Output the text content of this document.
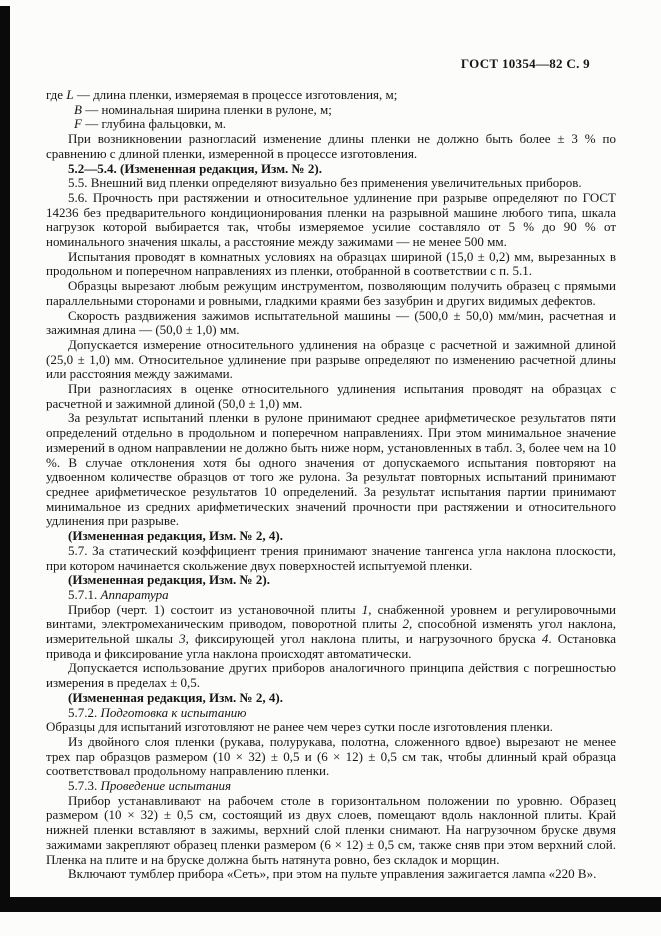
ГОСТ 10354—82 С. 9

где L — длина пленки, измеряемая в процессе изготовления, м;

B — номинальная ширина пленки в рулоне, м;

F — глубина фальцовки, м.

При возникновении разногласий изменение длины пленки не должно быть более ± 3 % по сравнению с длиной пленки, измеренной в процессе изготовления.

5.2—5.4. (Измененная редакция, Изм. № 2).

5.5. Внешний вид пленки определяют визуально без применения увеличительных приборов.

5.6. Прочность при растяжении и относительное удлинение при разрыве определяют по ГОСТ 14236 без предварительного кондиционирования пленки на разрывной машине любого типа, шкала нагрузок которой выбирается так, чтобы измеряемое усилие составляло от 5 % до 90 % от номинального значения шкалы, а расстояние между зажимами — не менее 500 мм.

Испытания проводят в комнатных условиях на образцах шириной (15,0 ± 0,2) мм, вырезанных в продольном и поперечном направлениях из пленки, отобранной в соответствии с п. 5.1.

Образцы вырезают любым режущим инструментом, позволяющим получить образец с прямыми параллельными сторонами и ровными, гладкими краями без зазубрин и других видимых дефектов.

Скорость раздвижения зажимов испытательной машины — (500,0 ± 50,0) мм/мин, расчетная и зажимная длина — (50,0 ± 1,0) мм.

Допускается измерение относительного удлинения на образце с расчетной и зажимной длиной (25,0 ± 1,0) мм. Относительное удлинение при разрыве определяют по изменению расчетной длины или расстояния между зажимами.

При разногласиях в оценке относительного удлинения испытания проводят на образцах с расчетной и зажимной длиной (50,0 ± 1,0) мм.

За результат испытаний пленки в рулоне принимают среднее арифметическое результатов пяти определений отдельно в продольном и поперечном направлениях. При этом минимальное значение измерений в одном направлении не должно быть ниже норм, установленных в табл. 3, более чем на 10 %. В случае отклонения хотя бы одного значения от допускаемого испытания повторяют на удвоенном количестве образцов от того же рулона. За результат повторных испытаний принимают среднее арифметическое результатов 10 определений. За результат испытания партии принимают минимальное из средних арифметических значений прочности при растяжении и относительного удлинения при разрыве.

(Измененная редакция, Изм. № 2, 4).

5.7. За статический коэффициент трения принимают значение тангенса угла наклона плоскости, при котором начинается скольжение двух поверхностей испытуемой пленки.

(Измененная редакция, Изм. № 2).

5.7.1. Аппаратура

Прибор (черт. 1) состоит из установочной плиты 1, снабженной уровнем и регулировочными винтами, электромеханическим приводом, поворотной плиты 2, способной изменять угол наклона, измерительной шкалы 3, фиксирующей угол наклона плиты, и нагрузочного бруска 4. Остановка привода и фиксирование угла наклона происходят автоматически.

Допускается использование других приборов аналогичного принципа действия с погрешностью измерения в пределах ± 0,5.

(Измененная редакция, Изм. № 2, 4).

5.7.2. Подготовка к испытанию

Образцы для испытаний изготовляют не ранее чем через сутки после изготовления пленки.

Из двойного слоя пленки (рукава, полурукава, полотна, сложенного вдвое) вырезают не менее трех пар образцов размером (10 × 32) ± 0,5 и (6 × 12) ± 0,5 см так, чтобы длинный край образца соответствовал продольному направлению пленки.

5.7.3. Проведение испытания

Прибор устанавливают на рабочем столе в горизонтальном положении по уровню. Образец размером (10 × 32) ± 0,5 см, состоящий из двух слоев, помещают вдоль наклонной плиты. Край нижней пленки вставляют в зажимы, верхний слой пленки снимают. На нагрузочном бруске двумя зажимами закрепляют образец пленки размером (6 × 12) ± 0,5 см, также сняв при этом верхний слой. Пленка на плите и на бруске должна быть натянута ровно, без складок и морщин.

Включают тумблер прибора «Сеть», при этом на пульте управления зажигается лампа «220 В».
